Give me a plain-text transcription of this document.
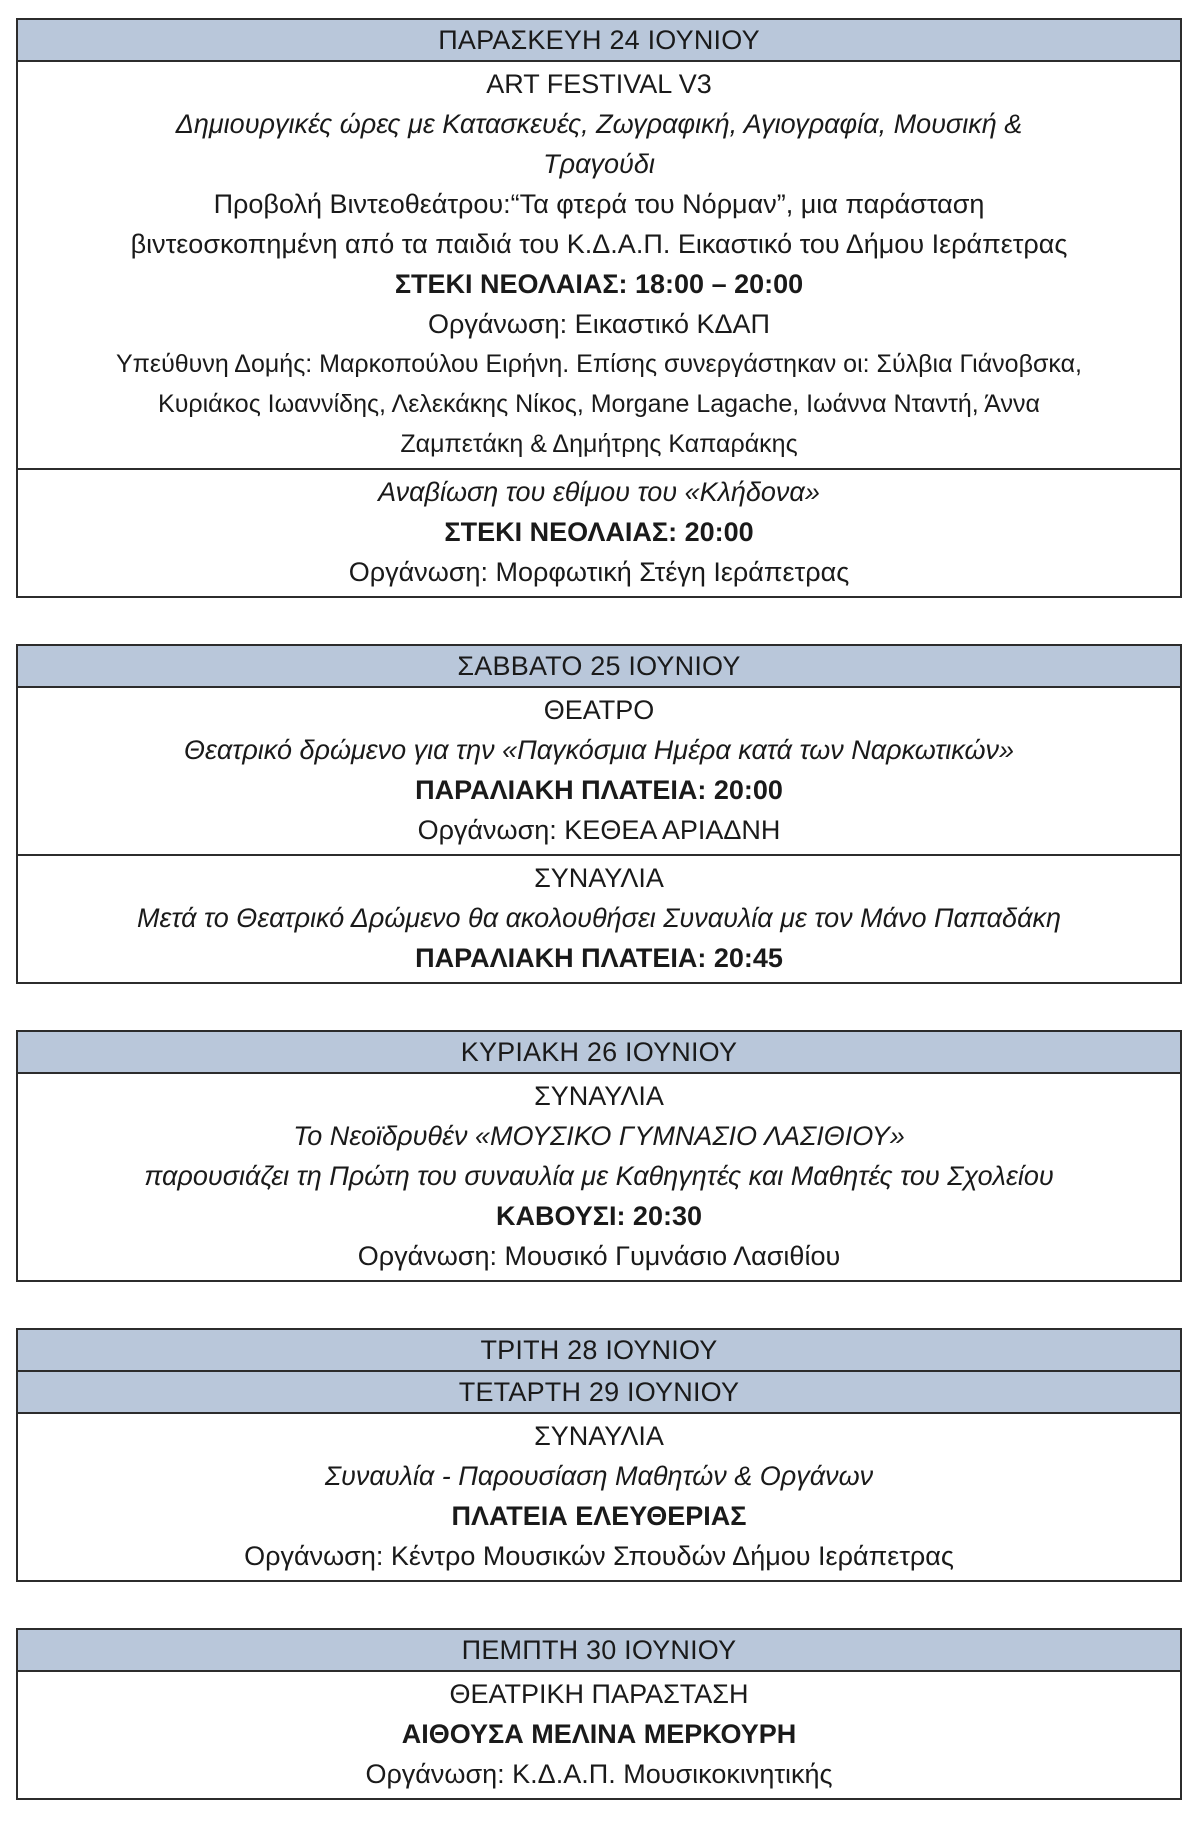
ΠΑΡΑΣΚΕΥΗ 24 ΙΟΥΝΙΟΥ
ART FESTIVAL V3
Δημιουργικές ώρες με Κατασκευές, Ζωγραφική, Αγιογραφία, Μουσική &
Τραγούδι
Προβολή Βιντεοθεάτρου:“Τα φτερά του Νόρμαν”, μια παράσταση
βιντεοσκοπημένη από τα παιδιά του Κ.Δ.Α.Π. Εικαστικό του Δήμου Ιεράπετρας
ΣΤΕΚΙ ΝΕΟΛΑΙΑΣ: 18:00 – 20:00
Οργάνωση: Εικαστικό ΚΔΑΠ
Υπεύθυνη Δομής: Μαρκοπούλου Ειρήνη. Επίσης συνεργάστηκαν οι: Σύλβια Γιάνοβσκα,
Κυριάκος Ιωαννίδης, Λελεκάκης Νίκος, Morgane Lagache, Ιωάννα Νταντή, Άννα
Ζαμπετάκη & Δημήτρης Καπαράκης
Αναβίωση του εθίμου του «Κλήδονα»
ΣΤΕΚΙ ΝΕΟΛΑΙΑΣ: 20:00
Οργάνωση: Μορφωτική Στέγη Ιεράπετρας
ΣΑΒΒΑΤΟ 25 ΙΟΥΝΙΟΥ
ΘΕΑΤΡΟ
Θεατρικό δρώμενο για την «Παγκόσμια Ημέρα κατά των Ναρκωτικών»
ΠΑΡΑΛΙΑΚΗ ΠΛΑΤΕΙΑ: 20:00
Οργάνωση: ΚΕΘΕΑ ΑΡΙΑΔΝΗ
ΣΥΝΑΥΛΙΑ
Μετά το Θεατρικό Δρώμενο θα ακολουθήσει Συναυλία με τον Μάνο Παπαδάκη
ΠΑΡΑΛΙΑΚΗ ΠΛΑΤΕΙΑ: 20:45
ΚΥΡΙΑΚΗ 26 ΙΟΥΝΙΟΥ
ΣΥΝΑΥΛΙΑ
Το Νεοϊδρυθέν «ΜΟΥΣΙΚΟ ΓΥΜΝΑΣΙΟ ΛΑΣΙΘΙΟΥ»
παρουσιάζει τη Πρώτη του συναυλία με Καθηγητές και Μαθητές του Σχολείου
ΚΑΒΟΥΣΙ: 20:30
Οργάνωση: Μουσικό Γυμνάσιο Λασιθίου
ΤΡΙΤΗ 28 ΙΟΥΝΙΟΥ
ΤΕΤΑΡΤΗ 29 ΙΟΥΝΙΟΥ
ΣΥΝΑΥΛΙΑ
Συναυλία - Παρουσίαση Μαθητών & Οργάνων
ΠΛΑΤΕΙΑ ΕΛΕΥΘΕΡΙΑΣ
Οργάνωση: Κέντρο Μουσικών Σπουδών Δήμου Ιεράπετρας
ΠΕΜΠΤΗ 30 ΙΟΥΝΙΟΥ
ΘΕΑΤΡΙΚΗ ΠΑΡΑΣΤΑΣΗ
ΑΙΘΟΥΣΑ ΜΕΛΙΝΑ ΜΕΡΚΟΥΡΗ
Οργάνωση: Κ.Δ.Α.Π. Μουσικοκινητικής
